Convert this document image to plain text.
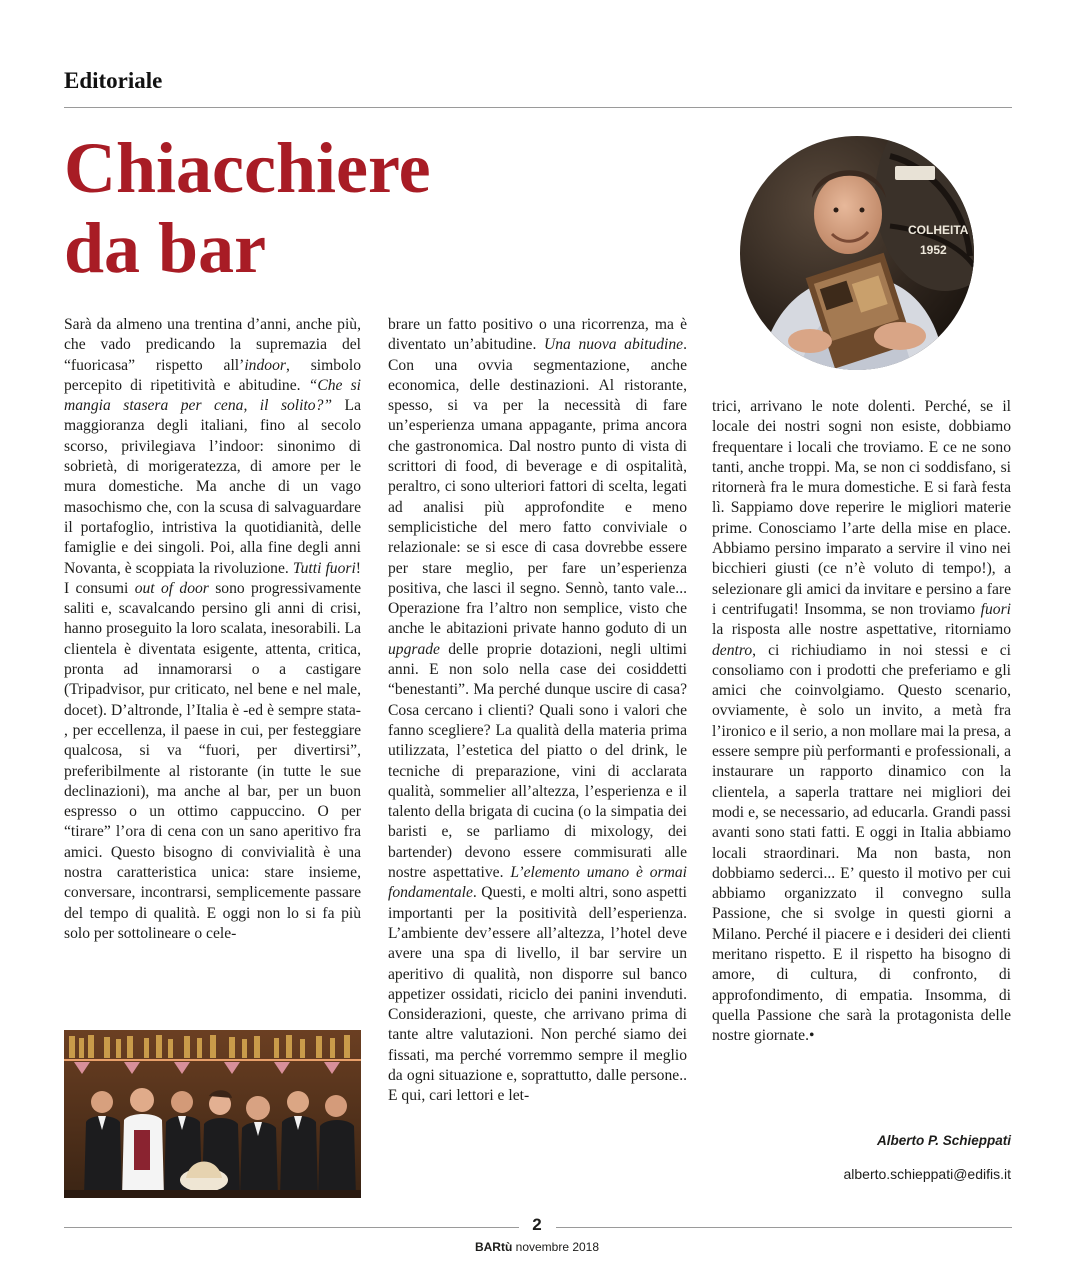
Editoriale
Chiacchiere
da bar	COLHEITA
1952

Sarà da almeno una trentina d’anni, anche più, che vado predicando la supremazia del “fuoricasa” rispetto all’indoor, simbolo percepito di ripetitività e abitudine. “Che si mangia stasera per cena, il solito?” La maggioranza degli italiani, fino al secolo scorso, privilegiava l’indoor: sinonimo di sobrietà, di morigeratezza, di amore per le mura domestiche. Ma anche di un vago masochismo che, con la scusa di salvaguardare il portafoglio, intristiva la quotidianità, delle famiglie e dei singoli. Poi, alla fine degli anni Novanta, è scoppiata la rivoluzione. Tutti fuori! I consumi out of door sono progressivamente saliti e, scavalcando persino gli anni di crisi, hanno proseguito la loro scalata, inesorabili. La clientela è diventata esigente, attenta, critica, pronta ad innamorarsi o a castigare (Tripadvisor, pur criticato, nel bene e nel male, docet). D’altronde, l’Italia è -ed è sempre stata- , per eccellenza, il paese in cui, per festeggiare qualcosa, si va “fuori, per divertirsi”, preferibilmente al ristorante (in tutte le sue declinazioni), ma anche al bar, per un buon espresso o un ottimo cappuccino. O per “tirare” l’ora di cena con un sano aperitivo fra amici. Questo bisogno di convivialità è una nostra caratteristica unica: stare insieme, conversare, incontrarsi, semplicemente passare del tempo di qualità. E oggi non lo si fa più solo per sottolineare o cele-

brare un fatto positivo o una ricorrenza, ma è diventato un’abitudine. Una nuova abitudine. Con una ovvia segmentazione, anche economica, delle destinazioni. Al ristorante, spesso, si va per la necessità di fare un’esperienza umana appagante, prima ancora che gastronomica. Dal nostro punto di vista di scrittori di food, di beverage e di ospitalità, peraltro, ci sono ulteriori fattori di scelta, legati ad analisi più approfondite e meno semplicistiche del mero fatto conviviale o relazionale: se si esce di casa dovrebbe essere per stare meglio, per fare un’esperienza positiva, che lasci il segno. Sennò, tanto vale... Operazione fra l’altro non semplice, visto che anche le abitazioni private hanno goduto di un upgrade delle proprie dotazioni, negli ultimi anni. E non solo nella case dei cosiddetti “benestanti”. Ma perché dunque uscire di casa? Cosa cercano i clienti? Quali sono i valori che fanno scegliere? La qualità della materia prima utilizzata, l’estetica del piatto o del drink, le tecniche di preparazione, vini di acclarata qualità, sommelier all’altezza, l’esperienza e il talento della brigata di cucina (o la simpatia dei baristi e, se parliamo di mixology, dei bartender) devono essere commisurati alle nostre aspettative. L’elemento umano è ormai fondamentale. Questi, e molti altri, sono aspetti importanti per la positività dell’esperienza. L’ambiente dev’essere all’altezza, l’hotel deve avere una spa di livello, il bar servire un aperitivo di qualità, non disporre sul banco appetizer ossidati, riciclo dei panini invenduti. Considerazioni, queste, che arrivano prima di tante altre valutazioni. Non perché siamo dei fissati, ma perché vorremmo sempre il meglio da ogni situazione e, soprattutto, dalle persone.. E qui, cari lettori e let-

trici, arrivano le note dolenti. Perché, se il locale dei nostri sogni non esiste, dobbiamo frequentare i locali che troviamo. E ce ne sono tanti, anche troppi. Ma, se non ci soddisfano, si ritornerà fra le mura domestiche. E si farà festa lì. Sappiamo dove reperire le migliori materie prime. Conosciamo l’arte della mise en place. Abbiamo persino imparato a servire il vino nei bicchieri giusti (ce n’è voluto di tempo!), a selezionare gli amici da invitare e persino a fare i centrifugati! Insomma, se non troviamo fuori la risposta alle nostre aspettative, ritorniamo dentro, ci richiudiamo in noi stessi e ci consoliamo con i prodotti che preferiamo e gli amici che coinvolgiamo. Questo scenario, ovviamente, è solo un invito, a metà fra l’ironico e il serio, a non mollare mai la presa, a essere sempre più performanti e professionali, a instaurare un rapporto dinamico con la clientela, a saperla trattare nei migliori dei modi e, se necessario, ad educarla. Grandi passi avanti sono stati fatti. E oggi in Italia abbiamo locali straordinari. Ma non basta, non dobbiamo sederci... E’ questo il motivo per cui abbiamo organizzato il convegno sulla Passione, che si svolge in questi giorni a Milano. Perché il piacere e i desideri dei clienti meritano rispetto. E il rispetto ha bisogno di amore, di cultura, di confronto, di approfondimento, di empatia. Insomma, di quella Passione che sarà la protagonista delle nostre giornate.•

Alberto P. Schieppati
alberto.schieppati@edifis.it
2
BARtù novembre 2018
